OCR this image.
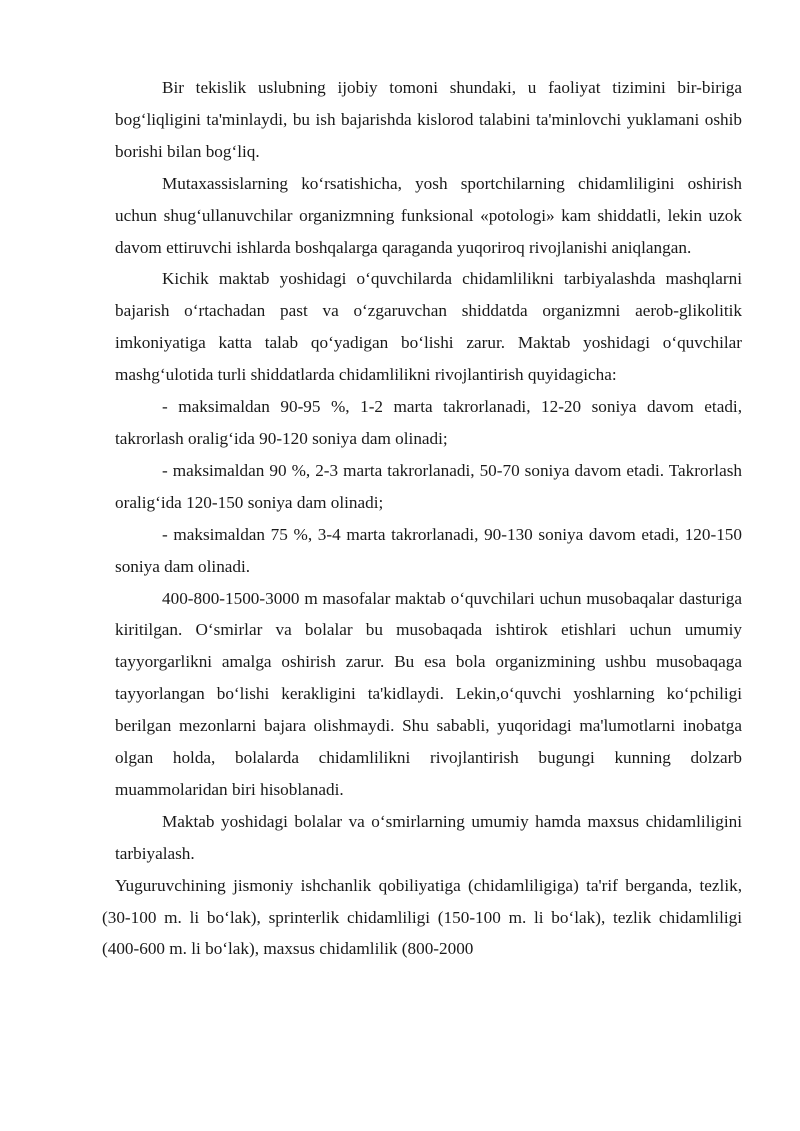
Bir tekislik uslubning ijobiy tomoni shundaki, u faoliyat tizimini bir-biriga bog‘liqligini ta'minlaydi, bu ish bajarishda kislorod talabini ta'minlovchi yuklamani oshib borishi bilan bog‘liq.

Mutaxassislarning ko‘rsatishicha, yosh sportchilarning chidamliligini oshirish uchun shug‘ullanuvchilar organizmning funksional «potologi» kam shiddatli, lekin uzok davom ettiruvchi ishlarda boshqalarga qaraganda yuqoriroq rivojlanishi aniqlangan.

Kichik maktab yoshidagi o‘quvchilarda chidamlilikni tarbiyalashda mashqlarni bajarish o‘rtachadan past va o‘zgaruvchan shiddatda organizmni aerob-glikolitik imkoniyatiga katta talab qo‘yadigan bo‘lishi zarur. Maktab yoshidagi o‘quvchilar mashg‘ulotida turli shiddatlarda chidamlilikni rivojlantirish quyidagicha:

- maksimaldan 90-95 %, 1-2 marta takrorlanadi, 12-20 soniya davom etadi, takrorlash oralig‘ida 90-120 soniya dam olinadi;

- maksimaldan 90 %, 2-3 marta takrorlanadi, 50-70 soniya davom etadi. Takrorlash oralig‘ida 120-150 soniya dam olinadi;

- maksimaldan 75 %, 3-4 marta takrorlanadi, 90-130 soniya davom etadi, 120-150 soniya dam olinadi.

400-800-1500-3000 m masofalar maktab o‘quvchilari uchun musobaqalar dasturiga kiritilgan. O‘smirlar va bolalar bu musobaqada ishtirok etishlari uchun umumiy tayyorgarlikni amalga oshirish zarur. Bu esa bola organizmining ushbu musobaqaga tayyorlangan bo‘lishi kerakligini ta'kidlaydi. Lekin,o‘quvchi yoshlarning ko‘pchiligi berilgan mezonlarni bajara olishmaydi. Shu sababli, yuqoridagi ma'lumotlarni inobatga olgan holda, bolalarda chidamlilikni rivojlantirish bugungi kunning dolzarb muammolaridan biri hisoblanadi.

Maktab yoshidagi bolalar va o‘smirlarning umumiy hamda maxsus chidamliligini tarbiyalash.

Yuguruvchining jismoniy ishchanlik qobiliyatiga (chidamliligiga) ta'rif berganda, tezlik, (30-100 m. li bo‘lak), sprinterlik chidamliligi (150-100 m. li bo‘lak), tezlik chidamliligi (400-600 m. li bo‘lak), maxsus chidamlilik (800-2000
